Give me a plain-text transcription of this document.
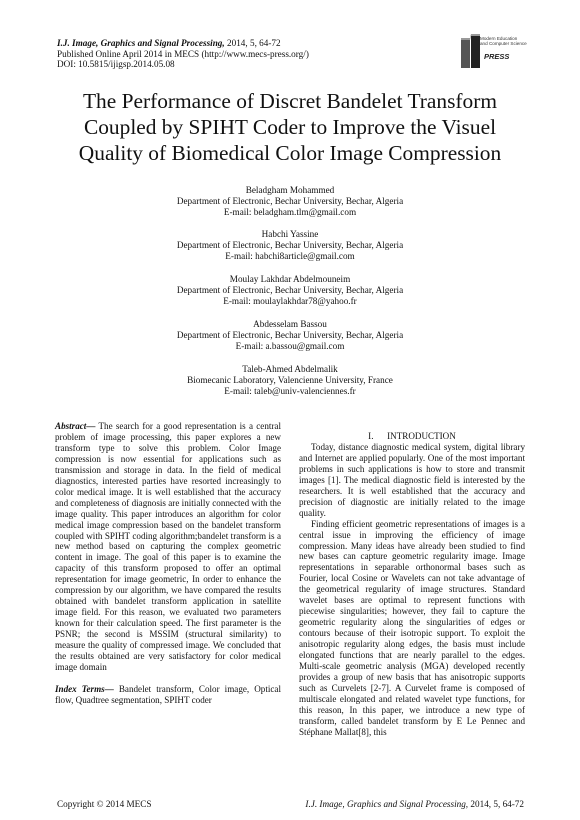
I.J. Image, Graphics and Signal Processing, 2014, 5, 64-72
Published Online April 2014 in MECS (http://www.mecs-press.org/)
DOI: 10.5815/ijigsp.2014.05.08
Modern Education
and Computer Science
PRESS
The Performance of Discret Bandelet Transform
Coupled by SPIHT Coder to Improve the Visuel
Quality of Biomedical Color Image Compression
Beladgham Mohammed
Department of Electronic, Bechar University, Bechar, Algeria
E-mail: beladgham.tlm@gmail.com
Habchi Yassine
Department of Electronic, Bechar University, Bechar, Algeria
E-mail: habchi8article@gmail.com
Moulay Lakhdar Abdelmouneim
Department of Electronic, Bechar University, Bechar, Algeria
E-mail: moulaylakhdar78@yahoo.fr
Abdesselam Bassou
Department of Electronic, Bechar University, Bechar, Algeria
E-mail: a.bassou@gmail.com
Taleb-Ahmed Abdelmalik
Biomecanic Laboratory, Valencienne University, France
E-mail: taleb@univ-valenciennes.fr

Abstract— The search for a good representation is a central problem of image processing, this paper explores a new transform type to solve this problem. Color Image compression is now essential for applications such as transmission and storage in data. In the field of medical diagnostics, interested parties have resorted increasingly to color medical image. It is well established that the accuracy and completeness of diagnosis are initially connected with the image quality. This paper introduces an algorithm for color medical image compression based on the bandelet transform coupled with SPIHT coding algorithm;bandelet transform is a new method based on capturing the complex geometric content in image. The goal of this paper is to examine the capacity of this transform proposed to offer an optimal representation for image geometric, In order to enhance the compression by our algorithm, we have compared the results obtained with bandelet transform application in satellite image field. For this reason, we evaluated two parameters known for their calculation speed. The first parameter is the PSNR; the second is MSSIM (structural similarity) to measure the quality of compressed image. We concluded that the results obtained are very satisfactory for color medical image domain

Index Terms— Bandelet transform, Color image, Optical flow, Quadtree segmentation, SPIHT coder

I.      INTRODUCTION

Today, distance diagnostic medical system, digital library and Internet are applied popularly. One of the most important problems in such applications is how to store and transmit images [1]. The medical diagnostic field is interested by the researchers. It is well established that the accuracy and precision of diagnostic are initially related to the image quality.

Finding efficient geometric representations of images is a central issue in improving the efficiency of image compression. Many ideas have already been studied to find new bases can capture geometric regularity image. Image representations in separable orthonormal bases such as Fourier, local Cosine or Wavelets can not take advantage of the geometrical regularity of image structures. Standard wavelet bases are optimal to represent functions with piecewise singularities; however, they fail to capture the geometric regularity along the singularities of edges or contours because of their isotropic support. To exploit the anisotropic regularity along edges, the basis must include elongated functions that are nearly parallel to the edges. Multi-scale geometric analysis (MGA) developed recently provides a group of new basis that has anisotropic supports such as Curvelets [2-7]. A Curvelet frame is composed of multiscale elongated and related wavelet type functions, for this reason, In this paper, we introduce a new type of transform, called bandelet transform by E Le Pennec and Stéphane Mallat[8], this

Copyright © 2014 MECS	I.J. Image, Graphics and Signal Processing, 2014, 5, 64-72
